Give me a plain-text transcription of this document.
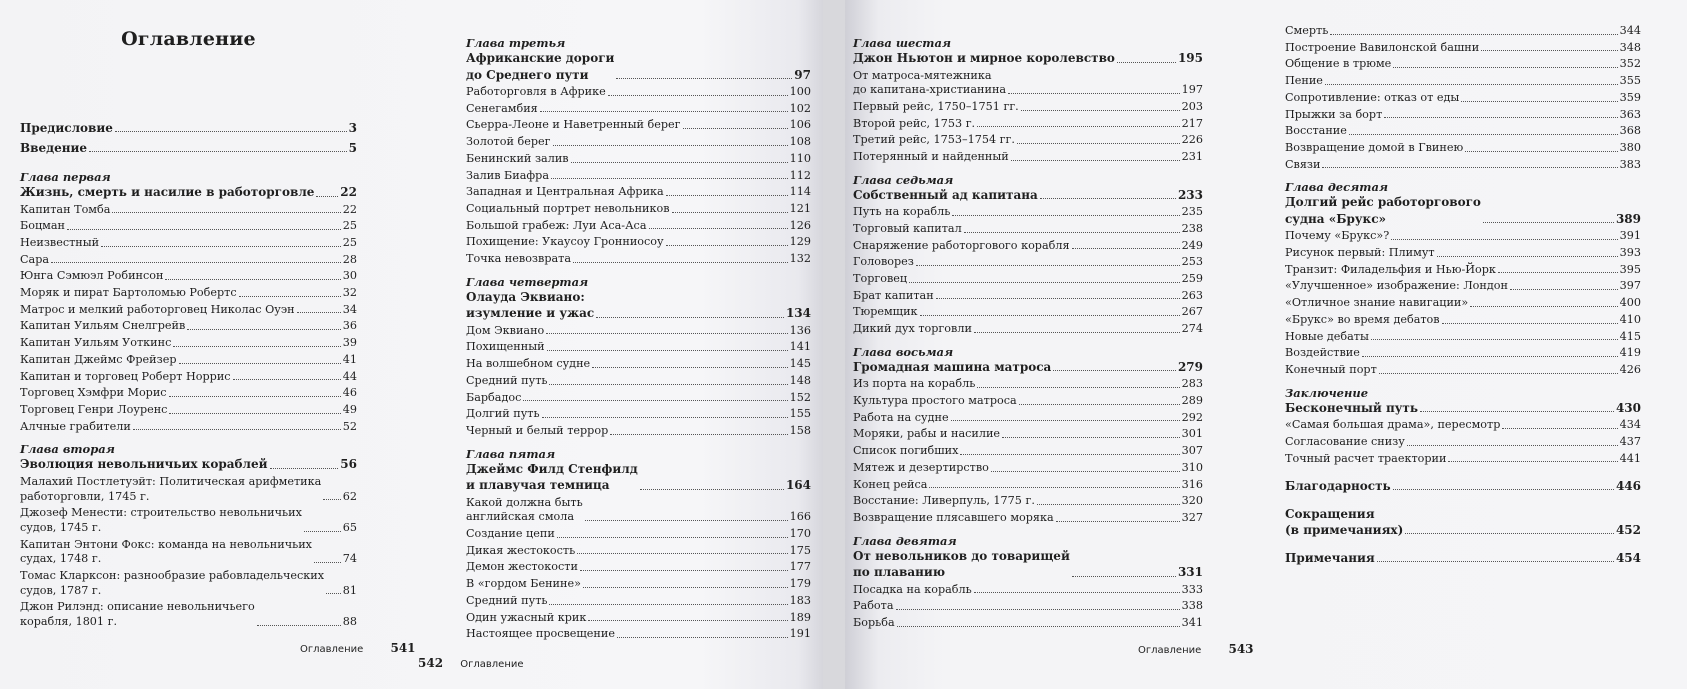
Оглавление
Предисловие	3
Введение	5
Глава первая
Жизнь, смерть и насилие в работорговле 22
Капитан Томба	22
Боцман	25
Неизвестный	25
Сара	28
Юнга Сэмюэл Робинсон	30
Моряк и пират Бартоломью Робертс	32
Матрос и мелкий работорговец Николас Оуэн	34
Капитан Уильям Снелгрейв	36
Капитан Уильям Уоткинс	39
Капитан Джеймс Фрейзер	41
Капитан и торговец Роберт Норрис	44
Торговец Хэмфри Морис	46
Торговец Генри Лоуренс	49
Алчные грабители	52
Глава вторая
Эволюция невольничьих кораблей	56
Малахий Постлетуэйт: Политическая арифметика
работорговли, 1745 г.	62
Джозеф Менести: строительство невольничьих
судов, 1745 г.	65
Капитан Энтони Фокс: команда на невольничьих
судах, 1748 г.	74
Томас Кларксон: разнообразие рабовладельческих
судов, 1787 г.	81
Джон Рилэнд: описание невольничьего
корабля, 1801 г.	88
Глава третья
Африканские дороги
до Среднего пути	97
Работорговля в Африке	100
Сенегамбия	102
Сьерра-Леоне и Наветренный берег	106
Золотой берег	108
Бенинский залив	110
Залив Биафра	112
Западная и Центральная Африка	114
Социальный портрет невольников	121
Большой грабеж: Луи Аса-Аса	126
Похищение: Укаусоу Гронниосоу	129
Точка невозврата	132
Глава четвертая
Олауда Эквиано:
изумление и ужас	134
Дом Эквиано	136
Похищенный	141
На волшебном судне	145
Средний путь	148
Барбадос	152
Долгий путь	155
Черный и белый террор	158
Глава пятая
Джеймс Филд Стенфилд
и плавучая темница	164
Какой должна быть
английская смола	166
Создание цепи	170
Дикая жестокость	175
Демон жестокости	177
В «гордом Бенине»	179
Средний путь	183
Один ужасный крик	189
Настоящее просвещение	191
Оглавление 541
542 Оглавление
Глава шестая
Джон Ньютон и мирное королевство	195
От матроса-мятежника
до капитана-христианина	197
Первый рейс, 1750–1751 гг.	203
Второй рейс, 1753 г.	217
Третий рейс, 1753–1754 гг.	226
Потерянный и найденный	231
Глава седьмая
Собственный ад капитана	233
Путь на корабль	235
Торговый капитал	238
Снаряжение работоргового корабля	249
Головорез	253
Торговец	259
Брат капитан	263
Тюремщик	267
Дикий дух торговли	274
Глава восьмая
Громадная машина матроса	279
Из порта на корабль	283
Культура простого матроса	289
Работа на судне	292
Моряки, рабы и насилие	301
Список погибших	307
Мятеж и дезертирство	310
Конец рейса	316
Восстание: Ливерпуль, 1775 г.	320
Возвращение плясавшего моряка	327
Глава девятая
От невольников до товарищей
по плаванию	331
Посадка на корабль	333
Работа	338
Борьба	341
Смерть	344
Построение Вавилонской башни	348
Общение в трюме	352
Пение	355
Сопротивление: отказ от еды	359
Прыжки за борт	363
Восстание	368
Возвращение домой в Гвинею	380
Связи	383
Глава десятая
Долгий рейс работоргового
судна «Брукс»	389
Почему «Брукс»?	391
Рисунок первый: Плимут	393
Транзит: Филадельфия и Нью-Йорк	395
«Улучшенное» изображение: Лондон	397
«Отличное знание навигации»	400
«Брукс» во время дебатов	410
Новые дебаты	415
Воздействие	419
Конечный порт	426
Заключение
Бесконечный путь	430
«Самая большая драма», пересмотр	434
Согласование снизу	437
Точный расчет траектории	441
Благодарность	446
Сокращения
(в примечаниях)	452
Примечания	454
Оглавление 543
